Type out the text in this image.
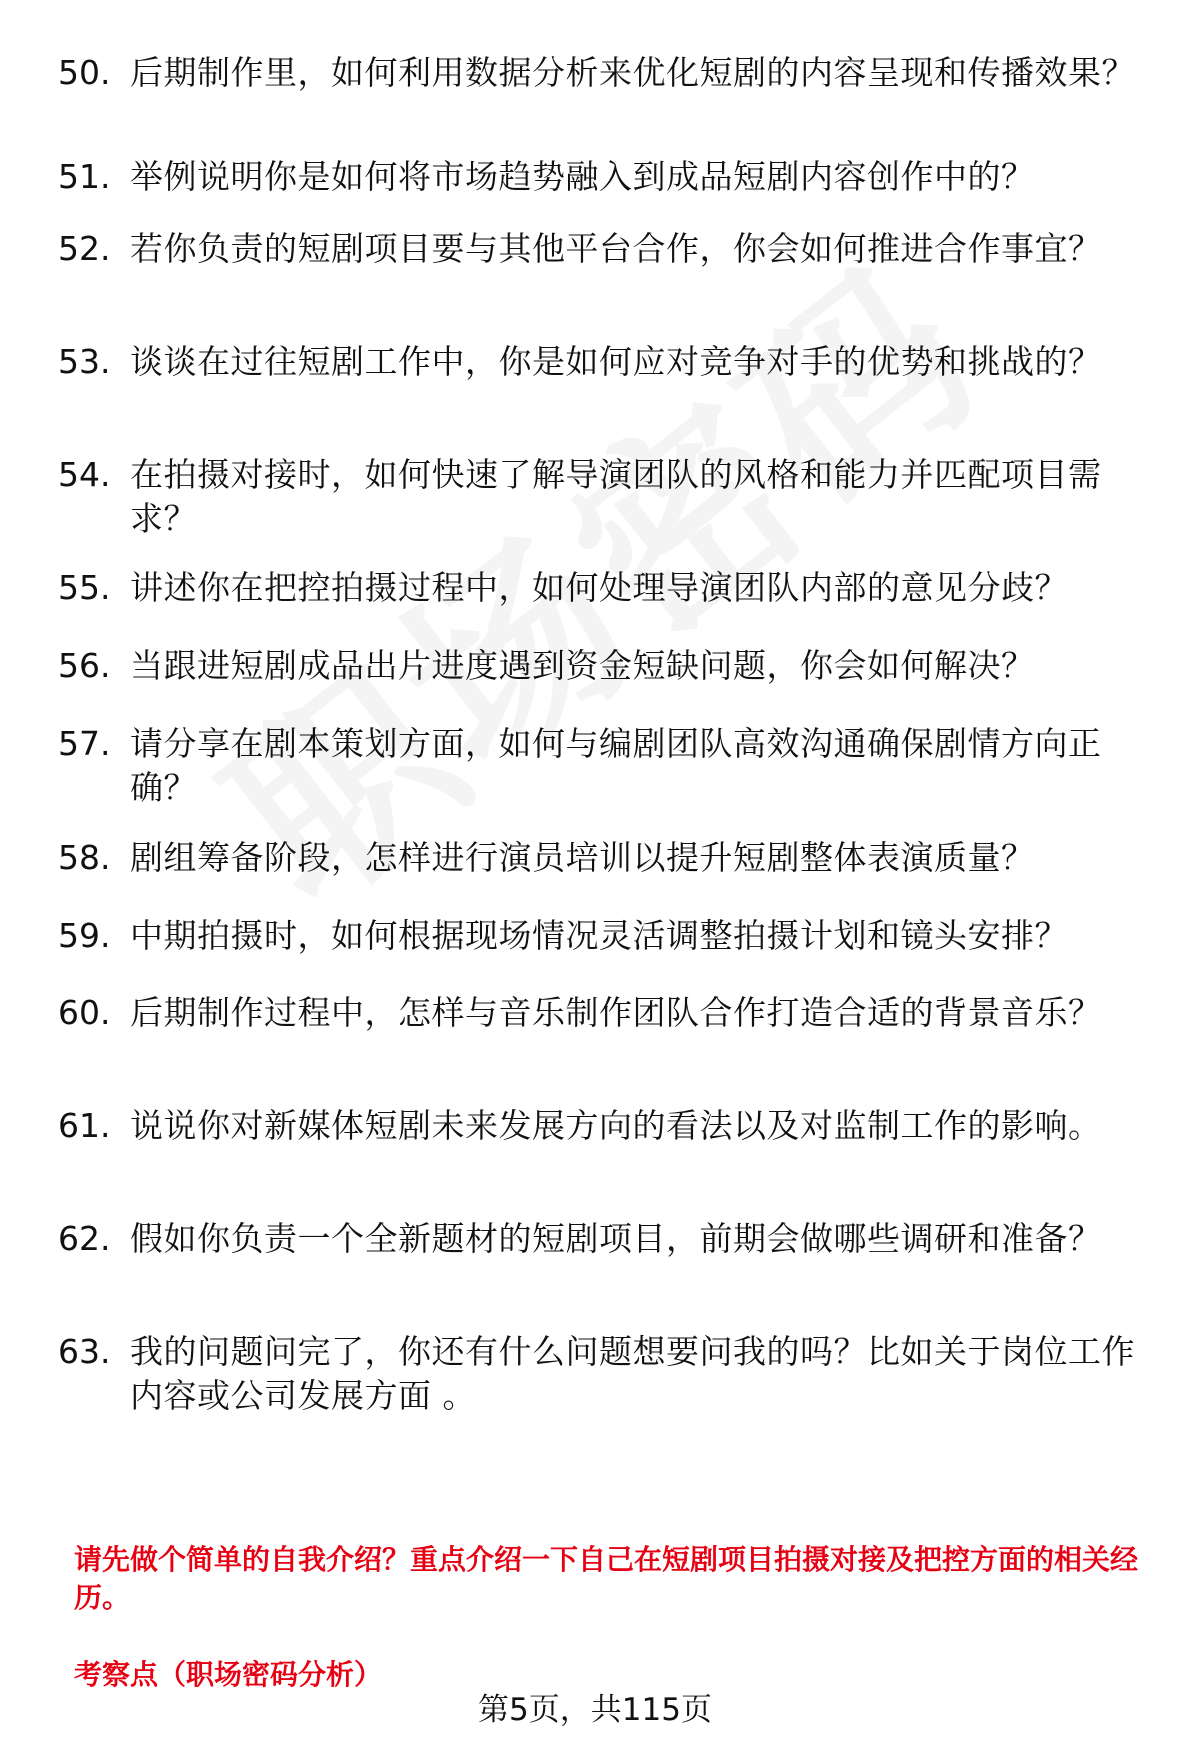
50. 后期制作里，如何利用数据分析来优化短剧的内容呈现和传播效果？
51. 举例说明你是如何将市场趋势融入到成品短剧内容创作中的？
52. 若你负责的短剧项目要与其他平台合作，你会如何推进合作事宜？
53. 谈谈在过往短剧工作中，你是如何应对竞争对手的优势和挑战的？
54. 在拍摄对接时，如何快速了解导演团队的风格和能力并匹配项目需求？
55. 讲述你在把控拍摄过程中，如何处理导演团队内部的意见分歧？
56. 当跟进短剧成品出片进度遇到资金短缺问题，你会如何解决？
57. 请分享在剧本策划方面，如何与编剧团队高效沟通确保剧情方向正确？
58. 剧组筹备阶段，怎样进行演员培训以提升短剧整体表演质量？
59. 中期拍摄时，如何根据现场情况灵活调整拍摄计划和镜头安排？
60. 后期制作过程中，怎样与音乐制作团队合作打造合适的背景音乐？
61. 说说你对新媒体短剧未来发展方向的看法以及对监制工作的影响。
62. 假如你负责一个全新题材的短剧项目，前期会做哪些调研和准备？
63. 我的问题问完了，你还有什么问题想要问我的吗？比如关于岗位工作内容或公司发展方面 。
请先做个简单的自我介绍？重点介绍一下自己在短剧项目拍摄对接及把控方面的相关经历。
考察点（职场密码分析）
第5页，共115页
